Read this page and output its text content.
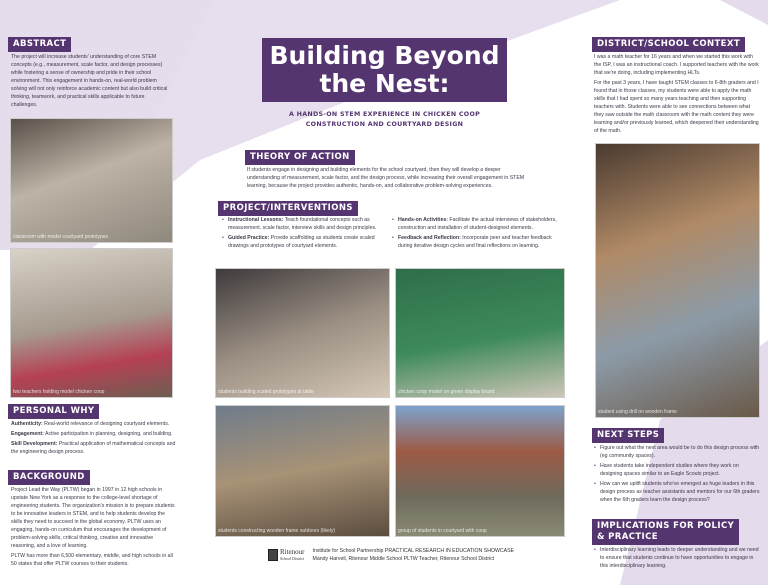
ABSTRACT
The project will increase students' understanding of core STEM concepts (e.g., measurement, scale factor, and design processes) while fostering a sense of ownership and pride in their school environment. This engagement in hands-on, real-world problem solving will not only reinforce academic content but also build critical thinking, teamwork, and practical skills applicable to future challenges.
classroom with model courtyard prototypes
two teachers holding model chicken coop
PERSONAL WHY

Authenticity: Real-world relevance of designing courtyard elements.

Engagement: Active participation in planning, designing, and building.

Skill Development: Practical application of mathematical concepts and the engineering design process.

BACKGROUND

Project Lead the Way (PLTW) began in 1997 in 12 high schools in upstate New York as a response to the college-level shortage of engineering students. The organization's mission is to prepare students to be innovative leaders in STEM, and to help students develop the skills they need to succeed in the global economy. PLTW uses an engaging, hands-on curriculum that encourages the development of problem-solving skills, critical thinking, creative and innovative reasoning, and a love of learning.

PLTW has more than 6,500 elementary, middle, and high schools in all 50 states that offer PLTW courses to their students.

Building Beyond the Nest:
A HANDS-ON STEM EXPERIENCE IN CHICKEN COOP
CONSTRUCTION AND COURTYARD DESIGN
THEORY OF ACTION
If students engage in designing and building elements for the school courtyard, then they will develop a deeper understanding of measurement, scale factor, and the design process, while increasing their overall engagement in STEM learning, because the project provides authentic, hands-on, and collaborative problem-solving experiences.
PROJECT/INTERVENTIONS
• Instructional Lessons: Teach foundational concepts such as measurement, scale factor, interview skills and design principles.
• Guided Practice: Provide scaffolding as students create scaled drawings and prototypes of courtyard elements.
• Hands-on Activities: Facilitate the actual interviews of stakeholders, construction and installation of student-designed elements.
• Feedback and Reflection: Incorporate peer and teacher feedback during iterative design cycles and final reflections on learning.
students building scaled prototypes at table	chicken coop model on green display board
students constructing wooden frame outdoors (likely)	group of students in courtyard with coop
DISTRICT/SCHOOL CONTEXT

I was a math teacher for 16 years and when we started this work with the ISP, I was an instructional coach. I supported teachers with the work that we're doing, including implementing HLTs.

For the past 3 years, I have taught STEM classes to 6-8th graders and I found that in those classes, my students were able to apply the math skills that I had spent so many years teaching and then supporting teachers with. Students were able to see connections between what they saw outside the math classroom with the math content they were learning and/or previously learned, which deepened their understanding of the math.

student using drill on wooden frame
NEXT STEPS
• Figure out what the next area would be to do this design process with (eg community spaces).
• Have students take independent studies where they work on designing spaces similar to an Eagle Scouts project.
• How can we uplift students who've emerged as huge leaders in this design process as teacher assistants and mentors for our 6th graders when the 6th graders learn the design process?
IMPLICATIONS FOR POLICY
& PRACTICE
• Interdisciplinary learning leads to deeper understanding and we need to ensure that students continue to have opportunities to engage in this interdisciplinary learning.
Ritenour
School District
Institute for School Partnership PRACTICAL RESEARCH IN EDUCATION SHOWCASE
Mandy Harvell, Ritenour Middle School PLTW Teacher, Ritenour School District
